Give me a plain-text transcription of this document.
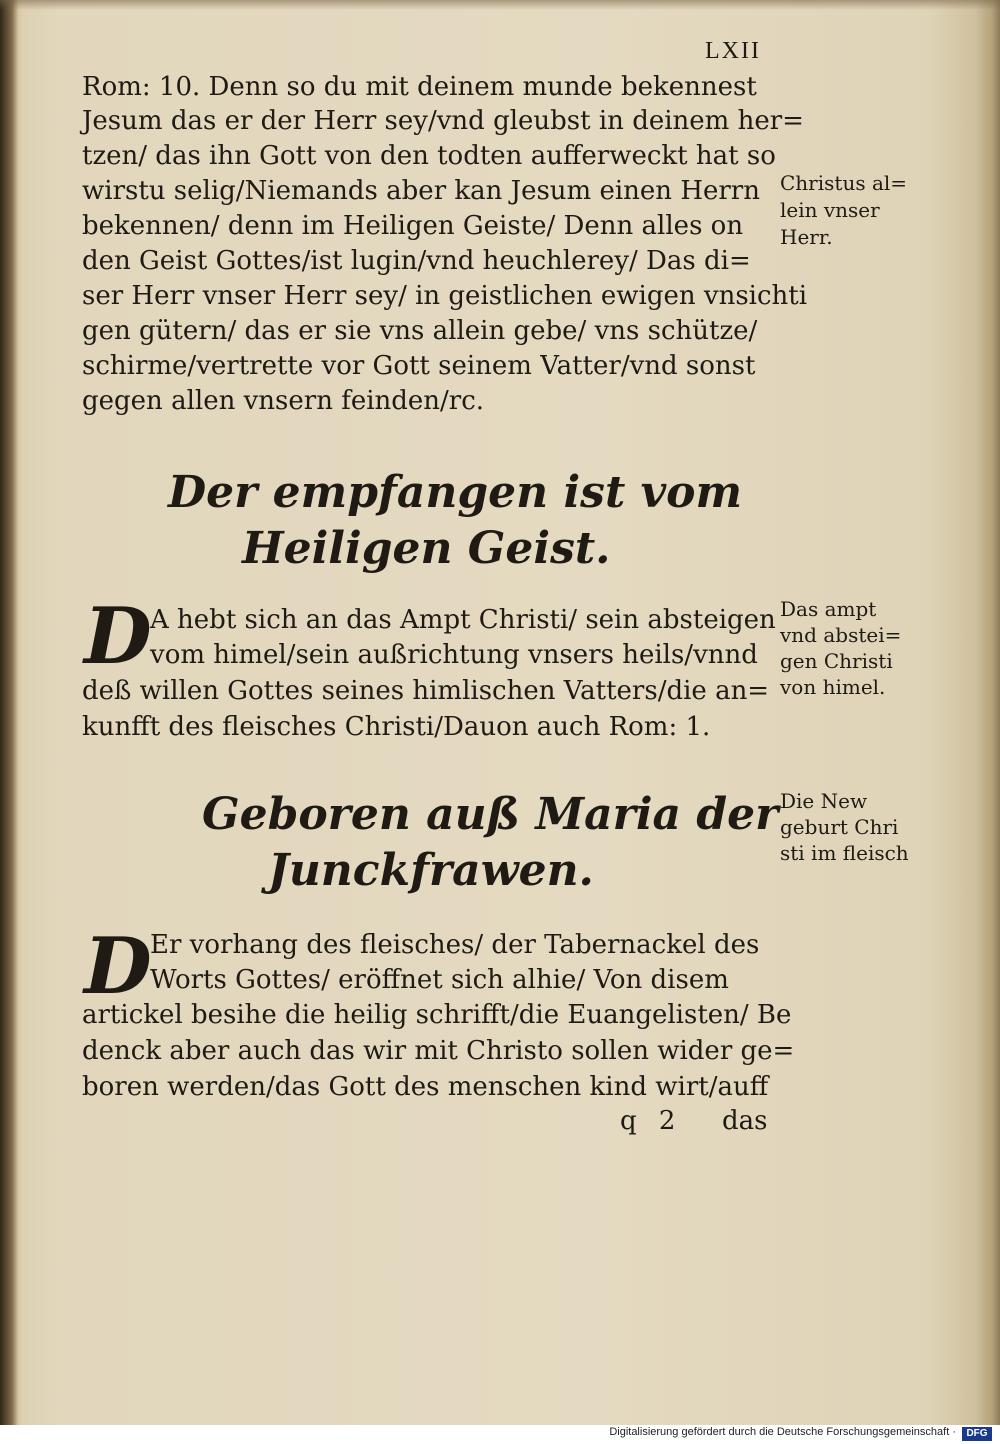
LXII
Rom: 10. Denn so du mit deinem munde bekennest
Jesum das er der Herr sey/vnd gleubst in deinem her=
tzen/ das ihn Gott von den todten aufferweckt hat so
wirstu selig/Niemands aber kan Jesum einen Herrn
bekennen/ denn im Heiligen Geiste/ Denn alles on
den Geist Gottes/ist lugin/vnd heuchlerey/ Das di=
ser Herr vnser Herr sey/ in geistlichen ewigen vnsichti
gen gütern/ das er sie vns allein gebe/ vns schütze/
schirme/vertrette vor Gott seinem Vatter/vnd sonst
gegen allen vnsern feinden/rc.
Christus al=
lein vnser
Herr.
Der empfangen ist vom
Heiligen Geist.
D
A hebt sich an das Ampt Christi/ sein absteigen
vom himel/sein außrichtung vnsers heils/vnnd
deß willen Gottes seines himlischen Vatters/die an=
kunfft des fleisches Christi/Dauon auch Rom: 1.
Das ampt
vnd abstei=
gen Christi
von himel.
Geboren auß Maria der
Junckfrawen.
Die New
geburt Chri
sti im fleisch
D
Er vorhang des fleisches/ der Tabernackel des
Worts Gottes/ eröffnet sich alhie/ Von disem
artickel besihe die heilig schrifft/die Euangelisten/ Be
denck aber auch das wir mit Christo sollen wider ge=
boren werden/das Gott des menschen kind wirt/auff
q 2 das
Digitalisierung gefördert durch die Deutsche Forschungsgemeinschaft ·	DFG
